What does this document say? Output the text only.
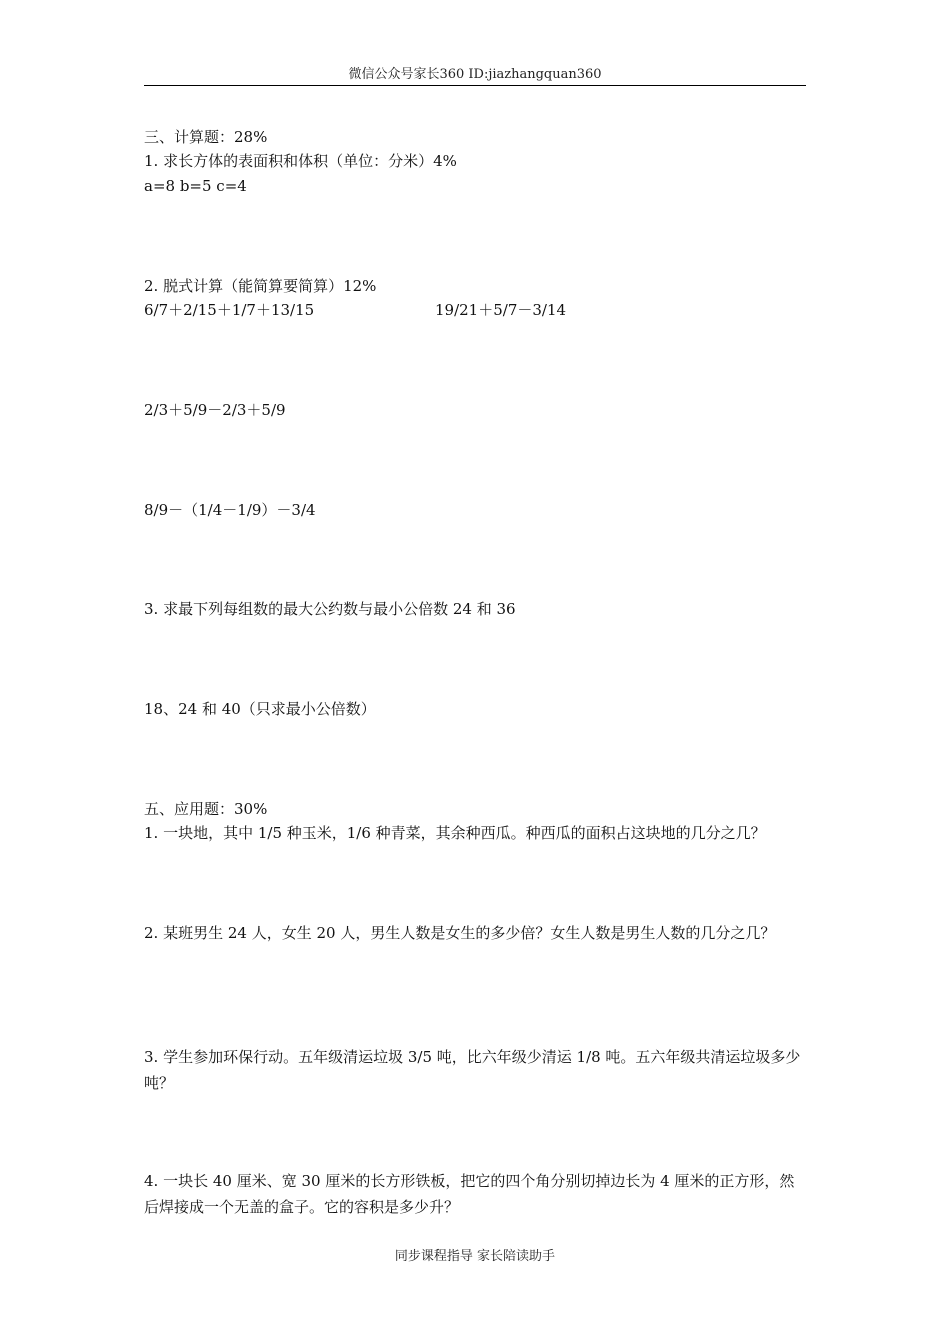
微信公众号家长360 ID:jiazhangquan360
三、计算题：28%
1. 求长方体的表面积和体积（单位：分米）4%
a=8 b=5 c=4
2. 脱式计算（能简算要简算）12%
6/7＋2/15＋1/7＋13/15	19/21＋5/7－3/14
2/3＋5/9－2/3＋5/9
8/9－（1/4－1/9）－3/4
3. 求最下列每组数的最大公约数与最小公倍数 24 和 36
18、24 和 40（只求最小公倍数）
五、应用题：30%
1. 一块地，其中 1/5 种玉米，1/6 种青菜，其余种西瓜。种西瓜的面积占这块地的几分之几？
2. 某班男生 24 人，女生 20 人，男生人数是女生的多少倍？女生人数是男生人数的几分之几？
3. 学生参加环保行动。五年级清运垃圾 3/5 吨，比六年级少清运 1/8 吨。五六年级共清运垃圾多少吨？
4. 一块长 40 厘米、宽 30 厘米的长方形铁板，把它的四个角分别切掉边长为 4 厘米的正方形，然后焊接成一个无盖的盒子。它的容积是多少升？
同步课程指导 家长陪读助手
